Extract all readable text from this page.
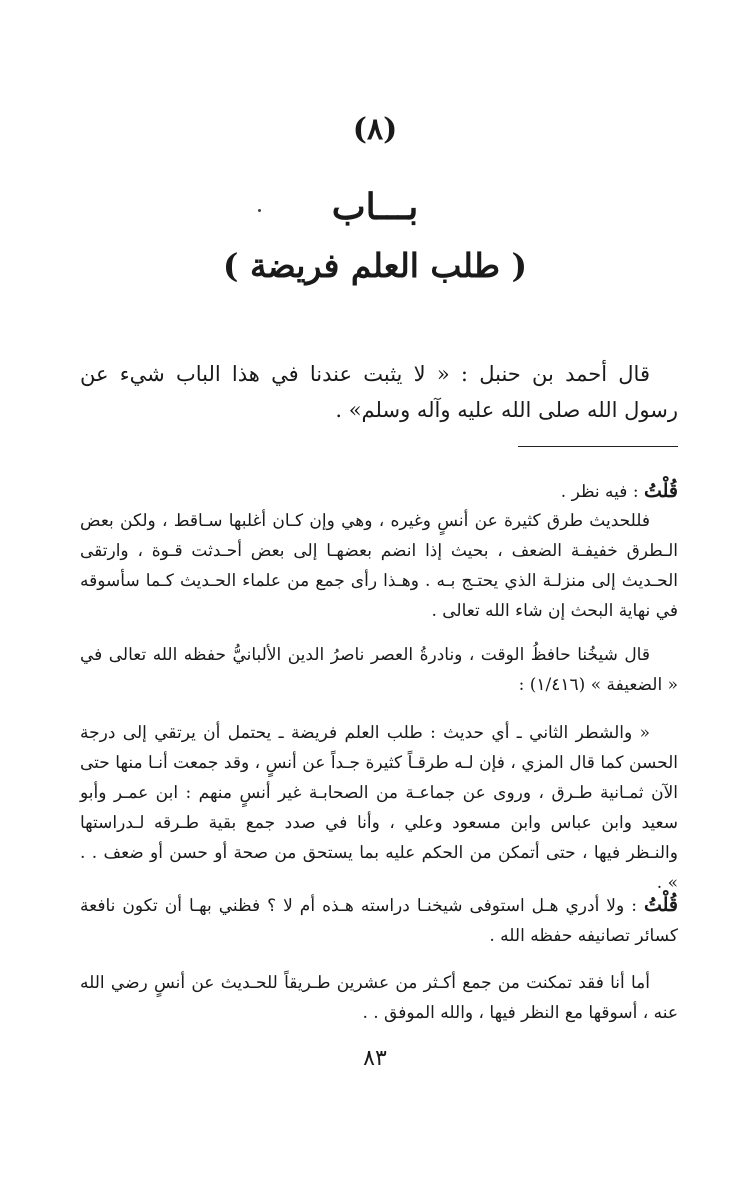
(٨)
بـــاب
( طلب العلم فريضة )
قال أحمد بن حنبل : « لا يثبت عندنا في هذا الباب شيء عن رسول الله صلى الله عليه وآله وسلم» .
قُلْتُ : فيه نظر .
فللحديث طرق كثيرة عن أنسٍ وغيره ، وهي وإن كـان أغلبها سـاقط ، ولكن بعض الـطرق خفيفـة الضعف ، بحيث إذا انضم بعضهـا إلى بعض أحـدثت قـوة ، وارتقى الحـديث إلى منزلـة الذي يحتـج بـه . وهـذا رأى جمع من علماء الحـديث كـما سأسوقه في نهاية البحث إن شاء الله تعالى .
قال شيخُنا حافظُ الوقت ، ونادرةُ العصر ناصرُ الدين الألبانيُّ حفظه الله تعالى في « الضعيفة » (١/٤١٦) :
« والشطر الثاني ـ أي حديث : طلب العلم فريضة ـ يحتمل أن يرتقي إلى درجة الحسن كما قال المزي ، فإن لـه طرقـاً كثيرة جـداً عن أنسٍ ، وقد جمعت أنـا منها حتى الآن ثمـانية طـرق ، وروى عن جماعـة من الصحابـة غير أنسٍ منهم : ابن عمـر وأبو سعيد وابن عباس وابن مسعود وعلي ، وأنا في صدد جمع بقية طـرقه لـدراستها والنـظر فيها ، حتى أتمكن من الحكم عليه بما يستحق من صحة أو حسن أو ضعف . . » .
قُلْتُ : ولا أدري هـل استوفى شيخنـا دراسته هـذه أم لا ؟ فظني بهـا أن تكون نافعة كسائر تصانيفه حفظه الله .
أما أنا فقد تمكنت من جمع أكـثر من عشرين طـريقاً للحـديث عن أنسٍ رضي الله عنه ، أسوقها مع النظر فيها ، والله الموفق . .
٨٣
